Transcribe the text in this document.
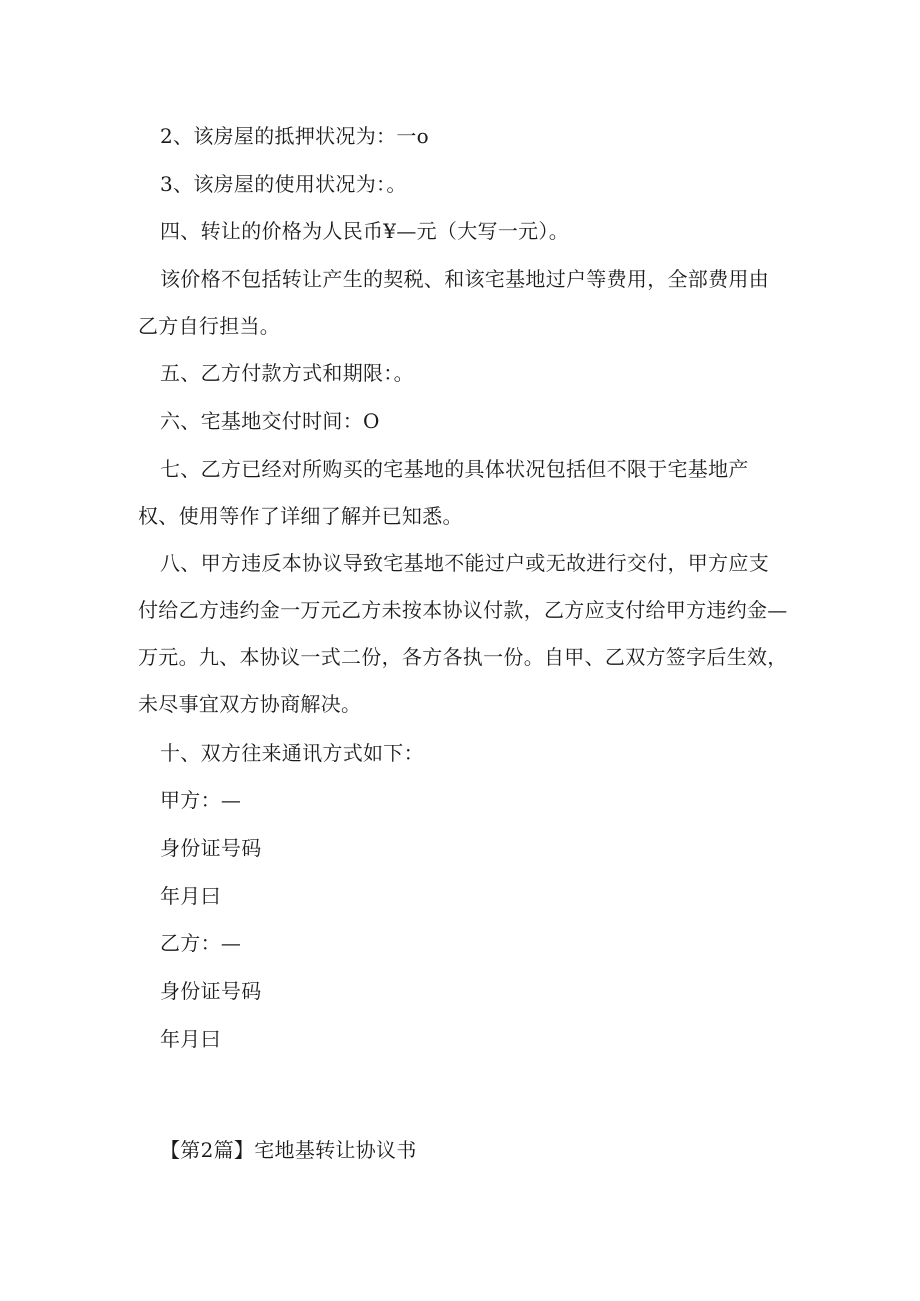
2、该房屋的抵押状况为：一o

3、该房屋的使用状况为：。

四、转让的价格为人民币¥—元（大写一元）。

该价格不包括转让产生的契税、和该宅基地过户等费用，全部费用由乙方自行担当。

五、乙方付款方式和期限：。

六、宅基地交付时间：O

七、乙方已经对所购买的宅基地的具体状况包括但不限于宅基地产权、使用等作了详细了解并已知悉。

八、甲方违反本协议导致宅基地不能过户或无故进行交付，甲方应支付给乙方违约金一万元乙方未按本协议付款，乙方应支付给甲方违约金—万元。九、本协议一式二份，各方各执一份。自甲、乙双方签字后生效，未尽事宜双方协商解决。

十、双方往来通讯方式如下：

甲方：—

身份证号码

年月曰

乙方：—

身份证号码

年月曰

【第2篇】宅地基转让协议书
